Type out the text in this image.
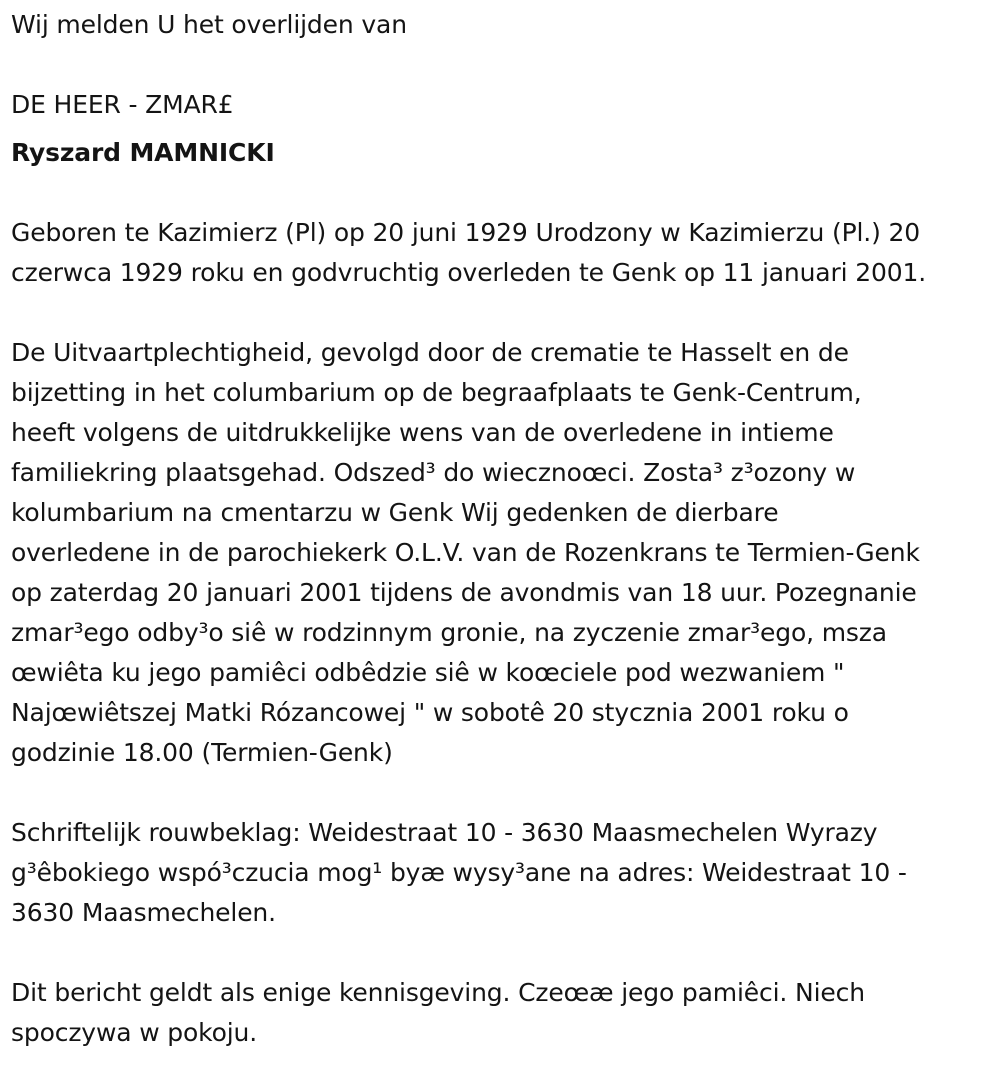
Wij melden U het overlijden van

DE HEER - ZMAR£

Ryszard MAMNICKI

Geboren te Kazimierz (Pl) op 20 juni 1929 Urodzony w Kazimierzu (Pl.) 20

czerwca 1929 roku en godvruchtig overleden te Genk op 11 januari 2001.

De Uitvaartplechtigheid, gevolgd door de crematie te Hasselt en de

bijzetting in het columbarium op de begraafplaats te Genk-Centrum,

heeft volgens de uitdrukkelijke wens van de overledene in intieme

familiekring plaatsgehad. Odszed³ do wiecznoœci. Zosta³ z³ozony w

kolumbarium na cmentarzu w Genk Wij gedenken de dierbare

overledene in de parochiekerk O.L.V. van de Rozenkrans te Termien-Genk

op zaterdag 20 januari 2001 tijdens de avondmis van 18 uur. Pozegnanie

zmar³ego odby³o siê w rodzinnym gronie, na zyczenie zmar³ego, msza

œwiêta ku jego pamiêci odbêdzie siê w koœciele pod wezwaniem "

Najœwiêtszej Matki Rózancowej " w sobotê 20 stycznia 2001 roku o

godzinie 18.00 (Termien-Genk)

Schriftelijk rouwbeklag: Weidestraat 10 - 3630 Maasmechelen Wyrazy

g³êbokiego wspó³czucia mog¹ byæ wysy³ane na adres: Weidestraat 10 -

3630 Maasmechelen.

Dit bericht geldt als enige kennisgeving. Czeœæ jego pamiêci. Niech

spoczywa w pokoju.
